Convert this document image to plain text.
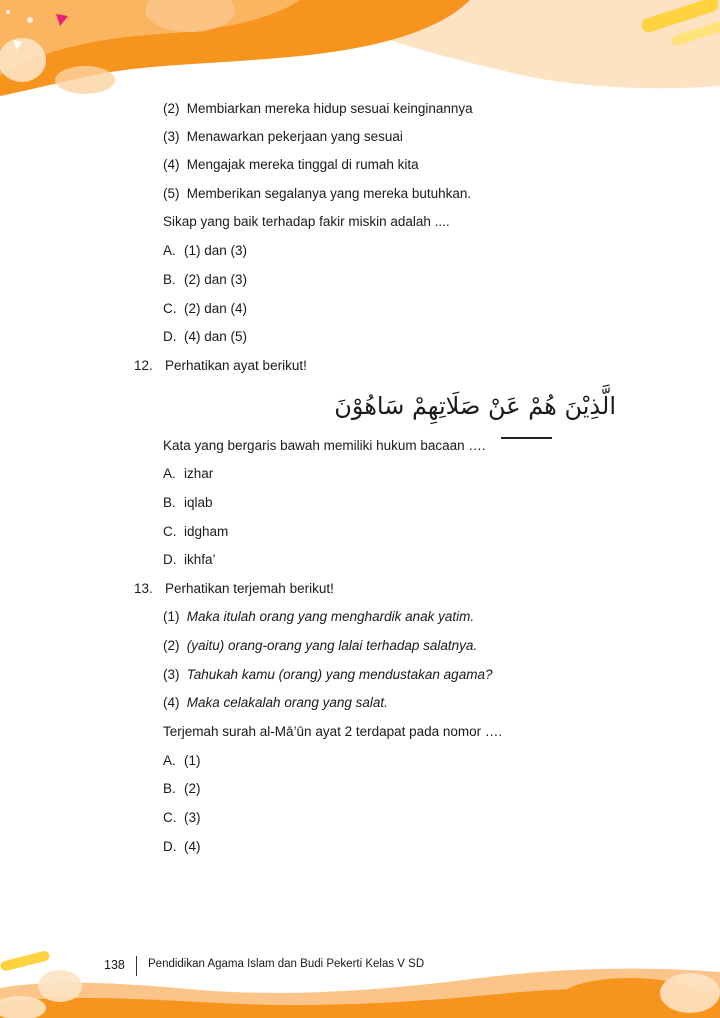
(2) Membiarkan mereka hidup sesuai keinginannya
(3) Menawarkan pekerjaan yang sesuai
(4) Mengajak mereka tinggal di rumah kita
(5) Memberikan segalanya yang mereka butuhkan.
Sikap yang baik terhadap fakir miskin adalah ....
A. (1) dan (3)
B. (2) dan (3)
C. (2) dan (4)
D. (4) dan (5)
12. Perhatikan ayat berikut!
الَّذِيْنَ هُمْ عَنْ صَلَاتِهِمْ سَاهُوْنَ
Kata yang bergaris bawah memiliki hukum bacaan ….
A. izhar
B. iqlab
C. idgham
D. ikhfa’
13. Perhatikan terjemah berikut!
(1) Maka itulah orang yang menghardik anak yatim.
(2) (yaitu) orang-orang yang lalai terhadap salatnya.
(3) Tahukah kamu (orang) yang mendustakan agama?
(4) Maka celakalah orang yang salat.
Terjemah surah al-Mā’ūn ayat 2 terdapat pada nomor ….
A. (1)
B. (2)
C. (3)
D. (4)
138 Pendidikan Agama Islam dan Budi Pekerti Kelas V SD
